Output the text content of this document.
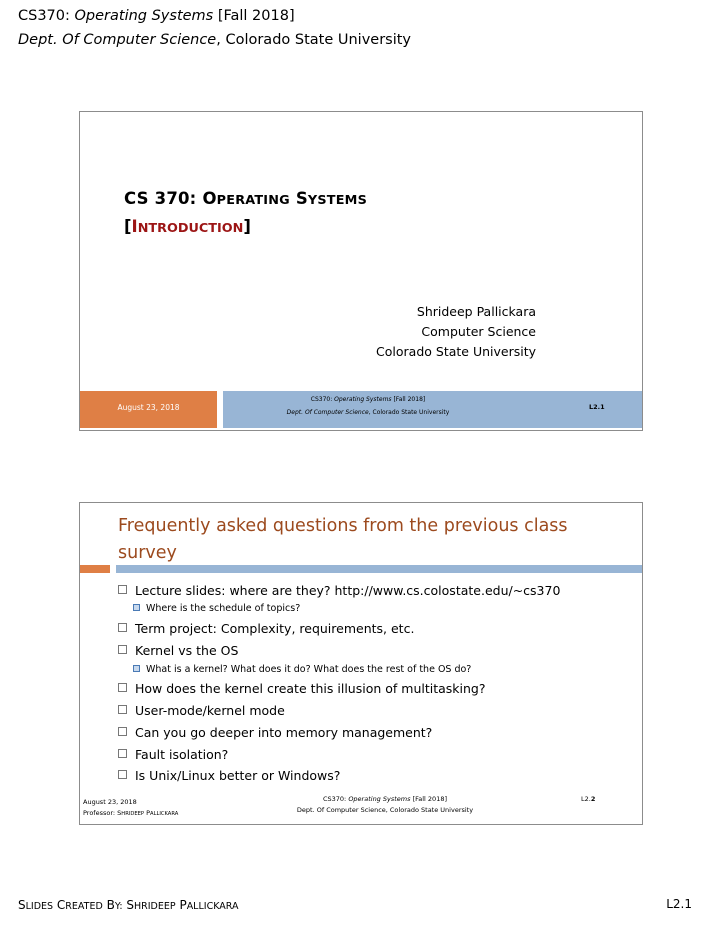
CS370: Operating Systems [Fall 2018]
Dept. Of Computer Science, Colorado State University
CS 370: OPERATING SYSTEMS
[INTRODUCTION]
Shrideep Pallickara
Computer Science
Colorado State University
August 23, 2018
CS370: Operating Systems [Fall 2018]
Dept. Of Computer Science, Colorado State University
L2.1
Frequently asked questions from the previous class survey
Lecture slides: where are they? http://www.cs.colostate.edu/~cs370
Where is the schedule of topics?
Term project: Complexity, requirements, etc.
Kernel vs the OS
What is a kernel? What does it do? What does the rest of the OS do?
How does the kernel create this illusion of multitasking?
User-mode/kernel mode
Can you go deeper into memory management?
Fault isolation?
Is Unix/Linux better or Windows?
August 23, 2018
Professor: SHRIDEEP PALLICKARA
CS370: Operating Systems [Fall 2018]
Dept. Of Computer Science, Colorado State University
L2.2
SLIDES CREATED BY: SHRIDEEP PALLICKARA	L2.1
